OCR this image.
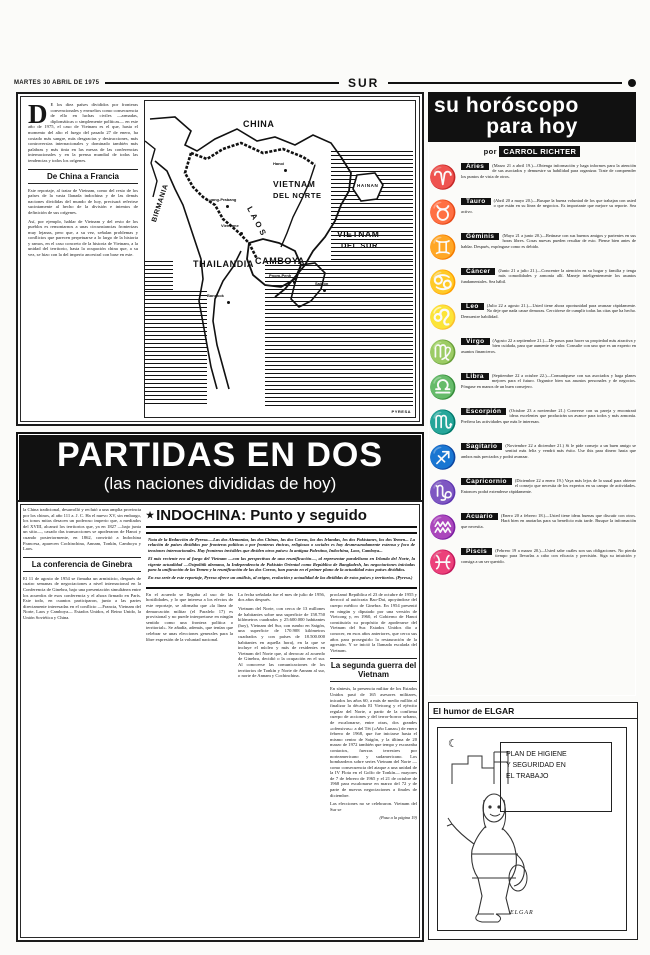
MARTES 30 ABRIL DE 1975	SUR

D E los diez países divididos por fronteras convencionales y envueltos como consecuencia de ello en luchas civiles —armadas, diplomáticas o simplemente políticas— en este año de 1975, el caso de Vietnam es el que, hasta el momento del alto el fuego del pasado 27 de enero, ha costado más sangre, más desgracias y destrucciones, más controversias internacionales y dominado también más palabras y más tinta en las mesas de las conferencias internacionales y en la prensa mundial de todas las tendencias y todos los orígenes.

De China a Francia

Este reportaje, al tratar de Vietnam, como del resto de los países de la vasta llanada indochina y de las demás naciones divididas del mundo de hoy, precisará referirse sucintamente al hecho de la división e intentos de definición de sus orígenes.

Así, por ejemplo, hablar de Vietnam y del resto de los pueblos es remontarnos a unas circunstancias fronterizas muy lejanas, pero que, a su vez, señalan problemas y conflictos que parecen perpetuarse a lo largo de la historia y ramos, en el caso concreto de la historia de Vietnam, a la unidad del territorio, hasta la ocupación china que, a su vez, se hizo con la del imperio ancestral con base en este.

CHINA
BIRMANIA	VIETNAM
DEL NORTE
LAOS
THAILANDIA CAMBOYA
VIETNAM
DEL SUR
HAINAN
Hanoi
Luang-Prabang
Vientiane
Bangkok
Pnom-Penh
Saigón
PYRESA
PARTIDAS EN DOS
(las naciones divididas de hoy)

la China tradicional, desarrolló y reclutó a una amplia provincia por los chinos, al año 111 a. J. C. Ha el nuevo XV, sin embargo, los tonos mitas desacen un poderoso imperio que, a mediados del XVIII, alcanzó los territorios que, ya en 1827 —bajo junta un sitio—, casado das transacciones se apoderaron de Hanoi y cuando posteriormente, en 1862, convirtió a Indochina Francesa, aparecen Cochinchina, Annam, Tonkín, Camboya y Laos.

La conferencia de Ginebra

El 11 de agosto de 1954 se firmaba un armisticio, después de cuatro semanas de negociaciones a nivel internacional en la Conferencia de Ginebra, bajo una presentación simultánea entre los acuerdos de esos conferencia y el ahora firmado en París. Este todo, en cuantos participaron, junto a las partes directamente interesadas en el conflicto —Francia, Vietnam del Norte, Laos y Camboya— Estados Unidos, el Reino Unido, la Unión Soviética y China.

★ INDOCHINA: Punto y seguido

Nota de la Redacción de Pyresa.—Las dos Alemanias, las dos Chinas, las dos Coreas, las dos Irlandas, los dos Pakistanes, los dos Yemen... La relación de países divididos por fronteras políticas o por fronteras étnicas, religiosas o sociales es hoy desmesuradamente extensa y foco de tensiones internacionales. Hay fronteras invisibles que dividen otros países: la antigua Palestina, Indochina, Laos, Camboya...

El más reciente eco al fuego del Vietnam —con las perspectivas de una reunificación—, al representar paralelismo en Irlanda del Norte, la vigente actualidad —Ostpolitik alemana, la Independencia de Pakistán Oriental como República de Bangladesh, las negociaciones iniciadas para la unificación de las Yemen y la reunificación de las dos Coreas, han puesto en el primer plano de la actualidad estos países divididos.

En esa serie de este reportaje, Pyresa ofrece un análisis, al origen, evolución y actualidad de las divididas de estos países y territorios. (Pyresa.)

En el acuerdo se llegaba al uso de las hostilidades, y lo que interesa a los efectos de este reportaje, se afirmaba que «la línea de demarcación militar (el Paralelo 17) es provisional y no puede interpretarse en ningún sentido como una frontera política o territorial». Se añadía, además, que tenían que celebrar se unas elecciones generales para la libre expresión de la voluntad nacional.

La fecha señalada fue el mes de julio de 1956, dos años después.

Vietnam del Norte, con cerca de 13 millones de habitantes sobre una superficie de 158.750 kilómetros cuadrados y 25.600.000 habitantes (hoy), Vietnam del Sur, con rumbo en Saigón, una superficie de 170.908 kilómetros cuadrados y con países de 18.500.000 habitantes en aquella hora), en la que se incluye el núcleo y más de residentes en Vietnam del Norte que, al derrocar al acuerdo de Ginebra, decidió o la ocupación en el sur. Al conocerse las comunicaciones de los territorios de Tonkín y Norte de Annam al sur, o norte de Annam y Cochinchina.

proclamó República el 23 de octubre de 1955 y derrocó al autócrata Bao-Dai, apoyándose del cuerpo médico de Ginebra. En 1954 presentó en ningún y diputado por una versión de Vietcong y, en 1960, el Gobierno de Hanoi constituiría su propósito de apoderarse del Vietnam del Sur. Estados Unidos dio a conocer, en esos años anteriores, que cerca sus años para proseguirlo la restauración de la agresión. Y se inició la llamada escalada del Vietnam.

La segunda guerra del Vietnam

En síntesis, la presencia militar de los Estados Unidos pasó de 165 asesores militares, inicados los años 60, a más de medio millón al finalizar la década El Vietcong y el ejército regular del Norte, a partir de la confirma cuerpo de acciones y del terror-horror urbano, de escalonarse, entre otras, dos grandes «ofensivas»: a del Tét («Año Lunar») de enero febrero de 1968, que fue iniciarse hasta el mismo centro de Saigón, y la última de 20 marzo de 1972 también que tempo y escaseaba contactos, fuerzas terrestres por norteamericano y sudamericano. Los bombardeos sobre series Vietnam del Norte —como consecuencia del ataque a una unidad de la IV Flota en el Golfo de Tonkín— mayores de 7 de febrero de 1965 y el 21 de octubre de 1968 para escalonarse en marzo del 72 y de parte de nuevas negociaciones a finales de diciembre.

Las elecciones no se celebraron. Vietnam del Sur se

(Pasa a la página 19)
su horóscopo
para hoy
por CARROL RICHTER
♈	Aries	(Marzo 21 a abril 19.)—Obtenga información y haga informes para la atención de sus asociados y demuestre su habilidad para organizar. Trate de comprender los puntos de vista de otros.
♉	Tauro	(Abril 20 a mayo 20.)—Busque la buena voluntad de los que trabajan con usted o que están en su línea de negocios. Es importante que mejore su reporte. Sea activo.
♊	Géminis	(Mayo 21 a junio 20.)—Reúnase con sus buenos amigos y parientes en sus horas libres. Cosas nuevas pueden resultar de esto. Piense bien antes de hablar. Después, expóngase como es debido.
♋	Cáncer	(Junio 21 a julio 21.)—Concentre la atención en su hogar y familia y tenga más comodidades y armonía allí. Maneje inteligentemente los asuntos fundamentales. Sea hábil.
♌	Leo	(Julio 22 a agosto 21.)—Usted tiene ahora oportunidad para avanzar rápidamente. No deje que nada cause demoras. Cerciórese de cumplir todas las citas que ha hecho. Demuestre habilidad.
♍	Virgo	(Agosto 22 a septiembre 21.)—De pasos para hacer su propiedad más atractiva y bien cuidada, para que aumente de valor. Consulte con uno que es un experto en asuntos financieros.
♎	Libra	(Septiembre 22 a octubre 22.)—Comuníquese con sus asociados y haga planes mejores para el futuro. Organice bien sus asuntos personales y de negocios. Póngase en manos de un buen consejero.
♏	Escorpión	(Octubre 23 a noviembre 21.) Converse con su pareja y encontrará ideas excelentes que producirán un avance para todos y más armonía. Prefiera las actividades que más le interesan.
♐	Sagitario	(Noviembre 22 a diciembre 21.) Si le pide consejo a un buen amigo se sentirá más feliz y vendrá más éxito. Use this para dinero hasta que ambos más preciados y podrá avanzar.
♑	Capricornio	(Diciembre 22 a enero 19.) Vaya más lejos de lo usual para obtener el consejo que necesita de los expertos en su campo de actividades. Entonces podrá extenderse rápidamente.
♒	Acuario	(Enero 20 a febrero 18.)—Usted tiene ideas buenas que discutir con otros. Hará bien en anotarlas para su beneficio más tarde. Busque la información que necesita.
♓	Piscis	(Febrero 19 a marzo 20.)—Usted sabe cuáles son sus obligaciones. No pierda tiempo para llevarlas a cabo con eficacia y precisión. Siga su intuición y consiga a un ser querido.
El humor de ELGAR
☾
PLAN DE HIGIENE
Y SEGURIDAD EN
EL TRABAJO
ELGAR
